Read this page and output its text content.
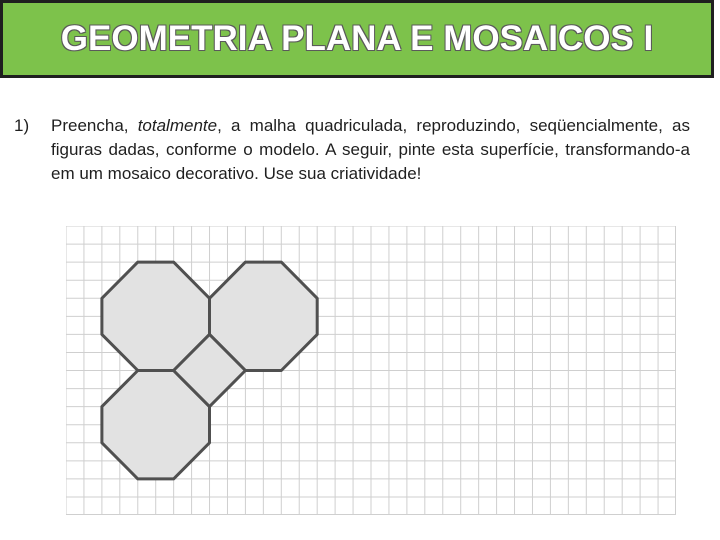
GEOMETRIA PLANA E MOSAICOS I
1) Preencha, totalmente, a malha quadriculada, reproduzindo, seqüencialmente, as figuras dadas, conforme o modelo. A seguir, pinte esta superfície, transformando-a em um mosaico decorativo. Use sua criatividade!
